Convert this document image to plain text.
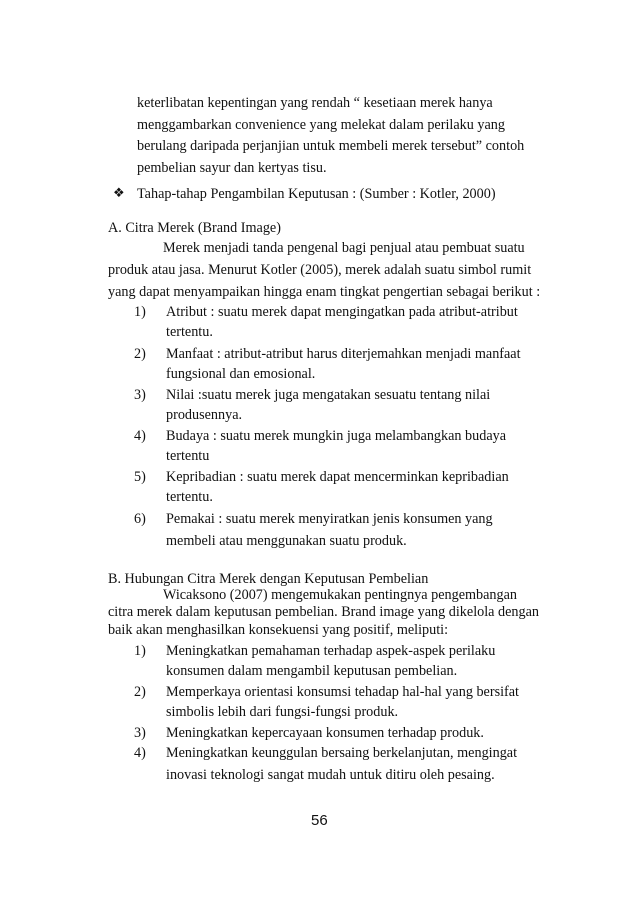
keterlibatan kepentingan yang rendah “ kesetiaan merek hanya
menggambarkan convenience yang melekat dalam perilaku yang
berulang daripada perjanjian untuk membeli merek tersebut” contoh
pembelian sayur dan kertyas tisu.
❖ Tahap-tahap Pengambilan Keputusan : (Sumber : Kotler, 2000)
A. Citra Merek (Brand Image)
Merek menjadi tanda pengenal bagi penjual atau pembuat suatu
produk atau jasa. Menurut Kotler (2005), merek adalah suatu simbol rumit
yang dapat menyampaikan hingga enam tingkat pengertian sebagai berikut :
1) Atribut : suatu merek dapat mengingatkan pada atribut-atribut
tertentu.
2) Manfaat : atribut-atribut harus diterjemahkan menjadi manfaat
fungsional dan emosional.
3) Nilai :suatu merek juga mengatakan sesuatu tentang nilai
produsennya.
4) Budaya : suatu merek mungkin juga melambangkan budaya
tertentu
5) Kepribadian : suatu merek dapat mencerminkan kepribadian
tertentu.
6) Pemakai : suatu merek menyiratkan jenis konsumen yang
membeli atau menggunakan suatu produk.
B. Hubungan Citra Merek dengan Keputusan Pembelian
Wicaksono (2007) mengemukakan pentingnya pengembangan
citra merek dalam keputusan pembelian. Brand image yang dikelola dengan
baik akan menghasilkan konsekuensi yang positif, meliputi:
1) Meningkatkan pemahaman terhadap aspek-aspek perilaku
konsumen dalam mengambil keputusan pembelian.
2) Memperkaya orientasi konsumsi tehadap hal-hal yang bersifat
simbolis lebih dari fungsi-fungsi produk.
3) Meningkatkan kepercayaan konsumen terhadap produk.
4) Meningkatkan keunggulan bersaing berkelanjutan, mengingat
inovasi teknologi sangat mudah untuk ditiru oleh pesaing.
56
